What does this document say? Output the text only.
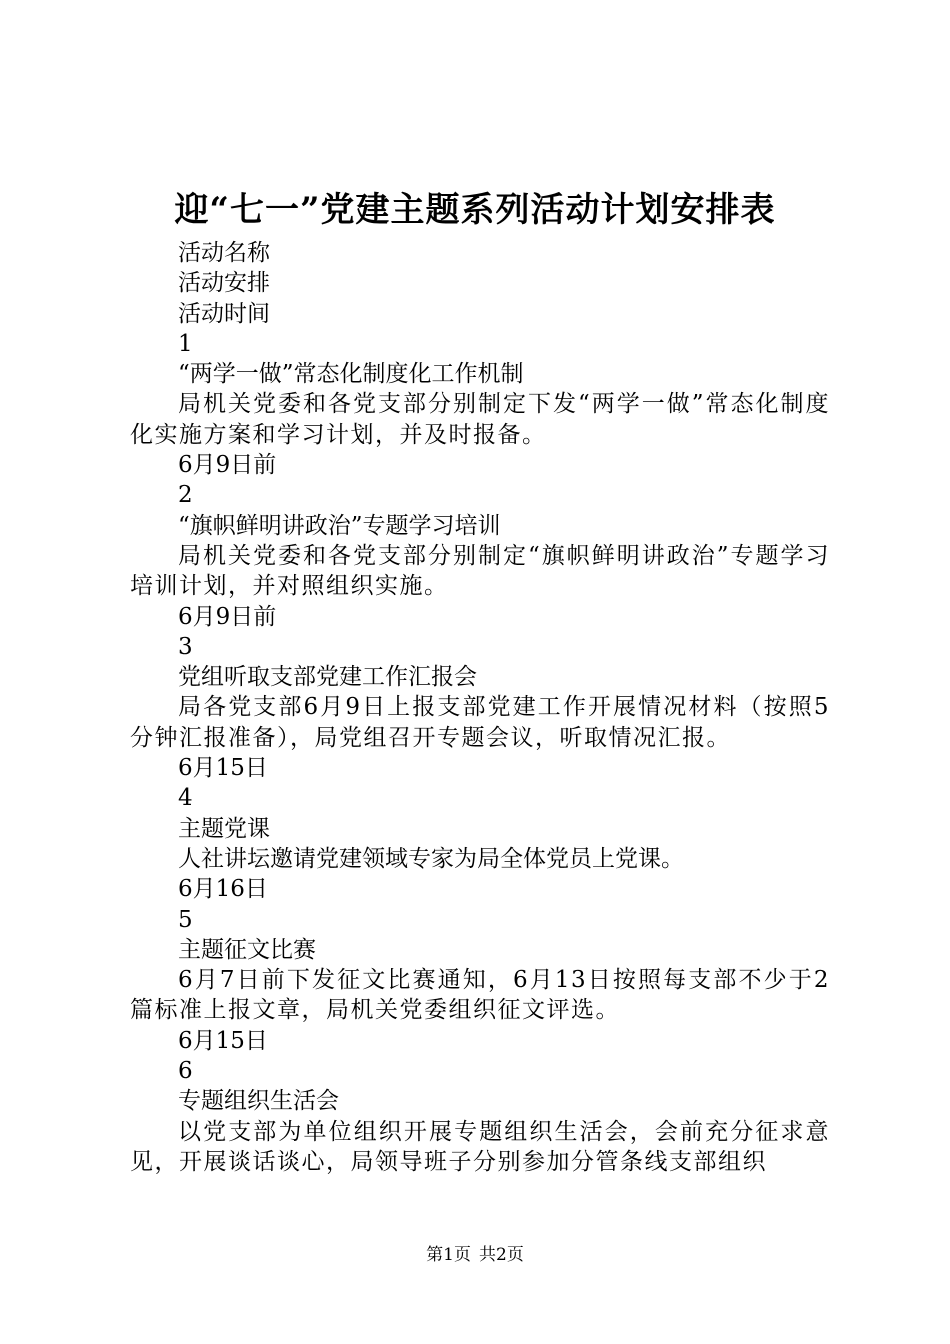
迎“七一”党建主题系列活动计划安排表
活动名称
活动安排
活动时间
1
“两学一做”常态化制度化工作机制
局机关党委和各党支部分别制定下发“两学一做”常态化制度化实施方案和学习计划，并及时报备。
6月9日前
2
“旗帜鲜明讲政治”专题学习培训
局机关党委和各党支部分别制定“旗帜鲜明讲政治”专题学习培训计划，并对照组织实施。
6月9日前
3
党组听取支部党建工作汇报会
局各党支部6月9日上报支部党建工作开展情况材料（按照5分钟汇报准备），局党组召开专题会议，听取情况汇报。
6月15日
4
主题党课
人社讲坛邀请党建领域专家为局全体党员上党课。
6月16日
5
主题征文比赛
6月7日前下发征文比赛通知，6月13日按照每支部不少于2篇标准上报文章，局机关党委组织征文评选。
6月15日
6
专题组织生活会
以党支部为单位组织开展专题组织生活会，会前充分征求意见，开展谈话谈心，局领导班子分别参加分管条线支部组织
第1页 共2页
